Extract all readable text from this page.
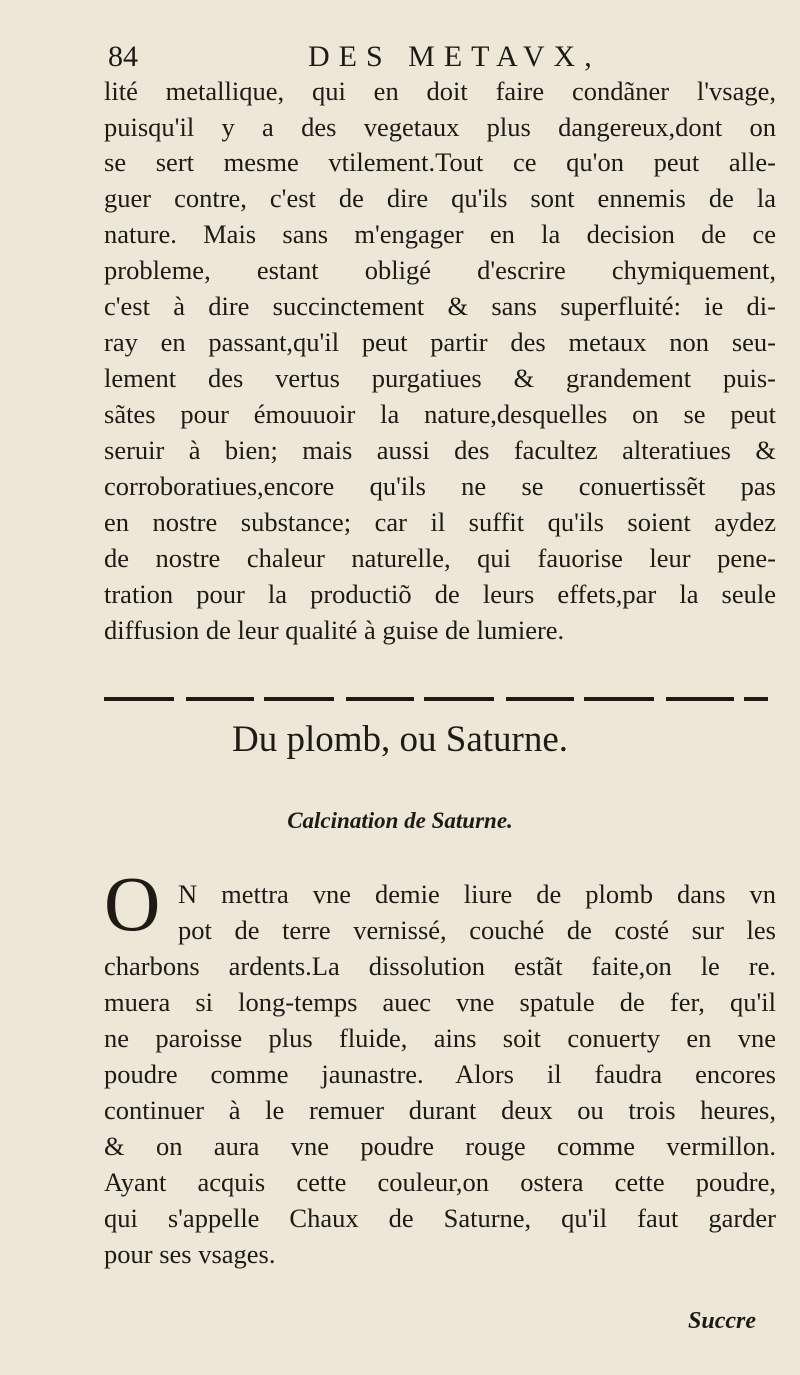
84	DES METAVX,
lité metallique, qui en doit faire condãner l'vsage,
puisqu'il y a des vegetaux plus dangereux,dont on
se sert mesme vtilement.Tout ce qu'on peut alle-
guer contre, c'est de dire qu'ils sont ennemis de la
nature. Mais sans m'engager en la decision de ce
probleme, estant obligé d'escrire chymiquement,
c'est à dire succinctement & sans superfluité: ie di-
ray en passant,qu'il peut partir des metaux non seu-
lement des vertus purgatiues & grandement puis-
sãtes pour émouuoir la nature,desquelles on se peut
seruir à bien; mais aussi des facultez alteratiues &
corroboratiues,encore qu'ils ne se conuertissẽt pas
en nostre substance; car il suffit qu'ils soient aydez
de nostre chaleur naturelle, qui fauorise leur pene-
tration pour la productiõ de leurs effets,par la seule
diffusion de leur qualité à guise de lumiere.
Du plomb, ou Saturne.
Calcination de Saturne.
O N mettra vne demie liure de plomb dans vn
pot de terre vernissé, couché de costé sur les
charbons ardents.La dissolution estãt faite,on le re.
muera si long-temps auec vne spatule de fer, qu'il
ne paroisse plus fluide, ains soit conuerty en vne
poudre comme jaunastre. Alors il faudra encores
continuer à le remuer durant deux ou trois heures,
& on aura vne poudre rouge comme vermillon.
Ayant acquis cette couleur,on ostera cette poudre,
qui s'appelle Chaux de Saturne, qu'il faut garder
pour ses vsages.
Succre
